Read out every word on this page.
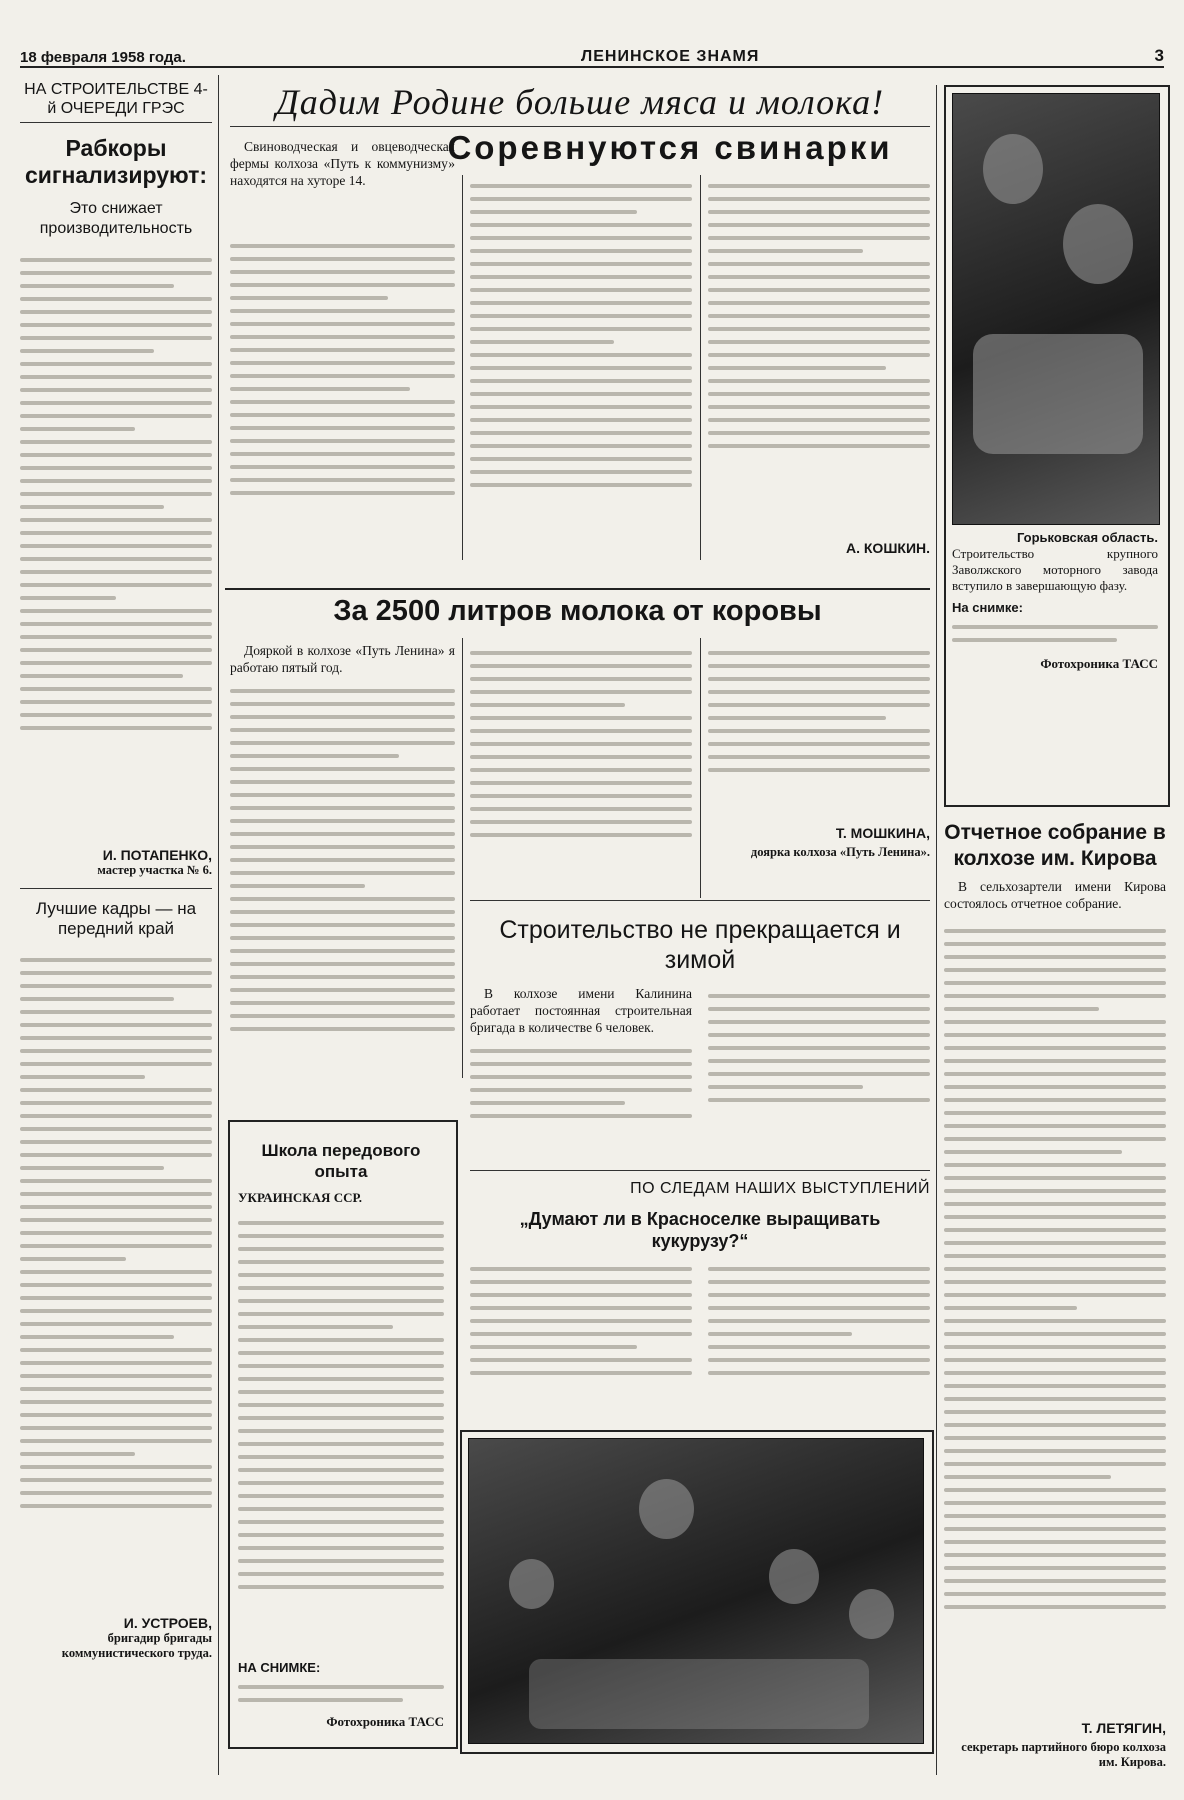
18 февраля 1958 года.	ЛЕНИНСКОЕ ЗНАМЯ	3
НА СТРОИТЕЛЬСТВЕ 4-й ОЧЕРЕДИ ГРЭС
Рабкоры сигнализируют:
Это снижает производительность
И. ПОТАПЕНКО,
мастер участка № 6.
Лучшие кадры — на передний край
И. УСТРОЕВ,
бригадир бригады коммунистического труда.
Дадим Родине больше мяса и молока!
Соревнуются свинарки

Свиноводческая и овцеводческая фермы колхоза «Путь к коммунизму» находятся на хуторе 14.

А. КОШКИН.
Горьковская область.
Строительство крупного Заволжского моторного завода вступило в завершающую фазу.
На снимке:
Фотохроника ТАСС
За 2500 литров молока от коровы

Дояркой в колхозе «Путь Ленина» я работаю пятый год.

Т. МОШКИНА,
доярка колхоза «Путь Ленина».
Строительство не прекращается и зимой

В колхозе имени Калинина работает постоянная строительная бригада в количестве 6 человек.

Школа передового опыта
УКРАИНСКАЯ ССР.
НА СНИМКЕ:
Фотохроника ТАСС
ПО СЛЕДАМ НАШИХ ВЫСТУПЛЕНИЙ
„Думают ли в Красноселке выращивать кукурузу?“
Отчетное собрание в колхозе им. Кирова

В сельхозартели имени Кирова состоялось отчетное собрание.

Т. ЛЕТЯГИН,
секретарь партийного бюро колхоза им. Кирова.
